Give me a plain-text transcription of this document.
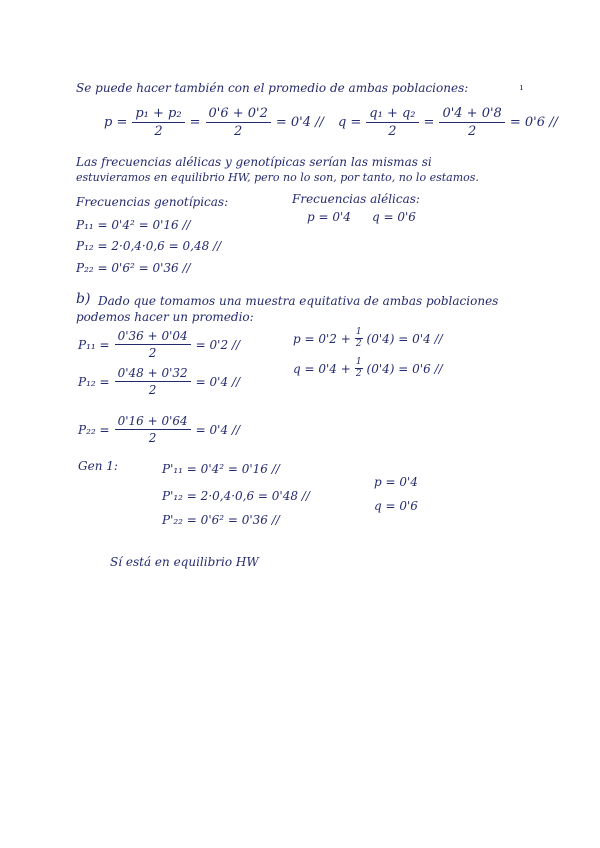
Se puede hacer también con el promedio de ambas poblaciones:	ı
$p = \frac{\text{p₁ + p₂}}{2} = \frac{0'6 + 0'2}{2} = 0'4 // q = \frac{\text{q₁ + q₂}}{2} = \frac{0'4 + 0'8}{2} = 0'6$ //
Las frecuencias alélicas y genotípicas serían las mismas si
estuvieramos en equilibrio HW, pero no lo son, por tanto, no lo estamos.
Frecuencias genotípicas:
P₁₁ = 0'4² = 0'16 //
P₁₂ = 2·0,4·0,6 = 0,48 //
P₂₂ = 0'6² = 0'36 //
Frecuencias alélicas:
p = 0'4 q = 0'6
b) Dado que tomamos una muestra equitativa de ambas poblaciones
podemos hacer un promedio:
$P_{11} = \frac{0'36 + 0'04}{2} = 0'2$ //
$P_{12} = \frac{0'48 + 0'32}{2} = 0'4$ //
$P_{22} = \frac{0'16 + 0'64}{2} = 0'4$ //
$p = 0'2 + \frac{1}{2} (0'4) = 0'4$ //
$q = 0'4 + \frac{1}{2} (0'4) = 0'6$ //
Gen 1:	P'₁₁ = 0'4² = 0'16 //
P'₁₂ = 2·0,4·0,6 = 0'48 //
P'₂₂ = 0'6² = 0'36 //
p = 0'4
q = 0'6
Sí está en equilibrio HW
